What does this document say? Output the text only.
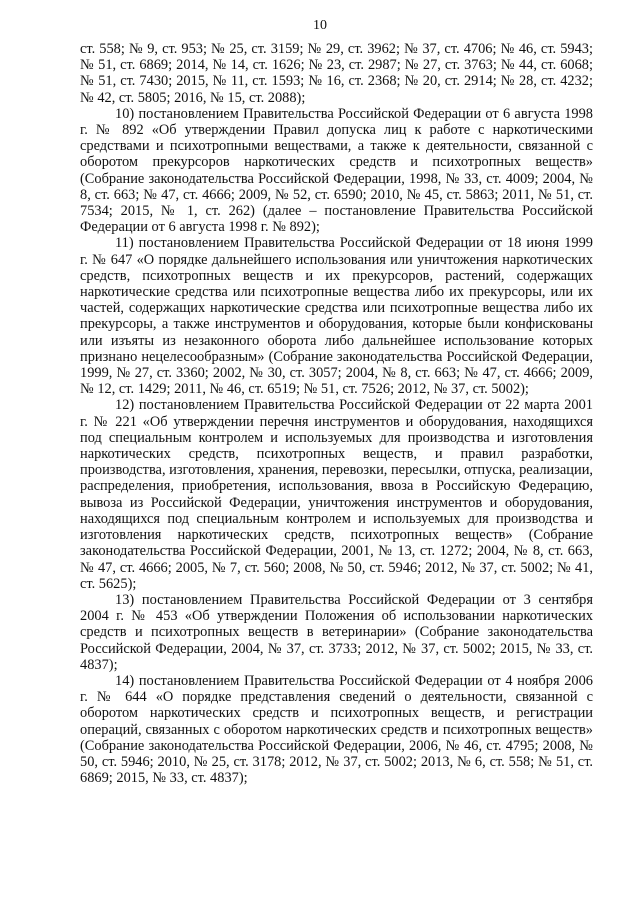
10

ст. 558; № 9, ст. 953; № 25, ст. 3159; № 29, ст. 3962; № 37, ст. 4706; № 46, ст. 5943; № 51, ст. 6869; 2014, № 14, ст. 1626; № 23, ст. 2987; № 27, ст. 3763; № 44, ст. 6068; № 51, ст. 7430; 2015, № 11, ст. 1593; № 16, ст. 2368; № 20, ст. 2914; № 28, ст. 4232; № 42, ст. 5805; 2016, № 15, ст. 2088);

10) постановлением Правительства Российской Федерации от 6 августа 1998 г. № 892 «Об утверждении Правил допуска лиц к работе с наркотическими средствами и психотропными веществами, а также к деятельности, связанной с оборотом прекурсоров наркотических средств и психотропных веществ» (Собрание законодательства Российской Федерации, 1998, № 33, ст. 4009; 2004, № 8, ст. 663; № 47, ст. 4666; 2009, № 52, ст. 6590; 2010, № 45, ст. 5863; 2011, № 51, ст. 7534; 2015, № 1, ст. 262) (далее – постановление Правительства Российской Федерации от 6 августа 1998 г. № 892);

11) постановлением Правительства Российской Федерации от 18 июня 1999 г. № 647 «О порядке дальнейшего использования или уничтожения наркотических средств, психотропных веществ и их прекурсоров, растений, содержащих наркотические средства или психотропные вещества либо их прекурсоры, или их частей, содержащих наркотические средства или психотропные вещества либо их прекурсоры, а также инструментов и оборудования, которые были конфискованы или изъяты из незаконного оборота либо дальнейшее использование которых признано нецелесообразным» (Собрание законодательства Российской Федерации, 1999, № 27, ст. 3360; 2002, № 30, ст. 3057; 2004, № 8, ст. 663; № 47, ст. 4666; 2009, № 12, ст. 1429; 2011, № 46, ст. 6519; № 51, ст. 7526; 2012, № 37, ст. 5002);

12) постановлением Правительства Российской Федерации от 22 марта 2001 г. № 221 «Об утверждении перечня инструментов и оборудования, находящихся под специальным контролем и используемых для производства и изготовления наркотических средств, психотропных веществ, и правил разработки, производства, изготовления, хранения, перевозки, пересылки, отпуска, реализации, распределения, приобретения, использования, ввоза в Российскую Федерацию, вывоза из Российской Федерации, уничтожения инструментов и оборудования, находящихся под специальным контролем и используемых для производства и изготовления наркотических средств, психотропных веществ» (Собрание законодательства Российской Федерации, 2001, № 13, ст. 1272; 2004, № 8, ст. 663, № 47, ст. 4666; 2005, № 7, ст. 560; 2008, № 50, ст. 5946; 2012, № 37, ст. 5002; № 41, ст. 5625);

13) постановлением Правительства Российской Федерации от 3 сентября 2004 г. № 453 «Об утверждении Положения об использовании наркотических средств и психотропных веществ в ветеринарии» (Собрание законодательства Российской Федерации, 2004, № 37, ст. 3733; 2012, № 37, ст. 5002; 2015, № 33, ст. 4837);

14) постановлением Правительства Российской Федерации от 4 ноября 2006 г. № 644 «О порядке представления сведений о деятельности, связанной с оборотом наркотических средств и психотропных веществ, и регистрации операций, связанных с оборотом наркотических средств и психотропных веществ» (Собрание законодательства Российской Федерации, 2006, № 46, ст. 4795; 2008, № 50, ст. 5946; 2010, № 25, ст. 3178; 2012, № 37, ст. 5002; 2013, № 6, ст. 558; № 51, ст. 6869; 2015, № 33, ст. 4837);
